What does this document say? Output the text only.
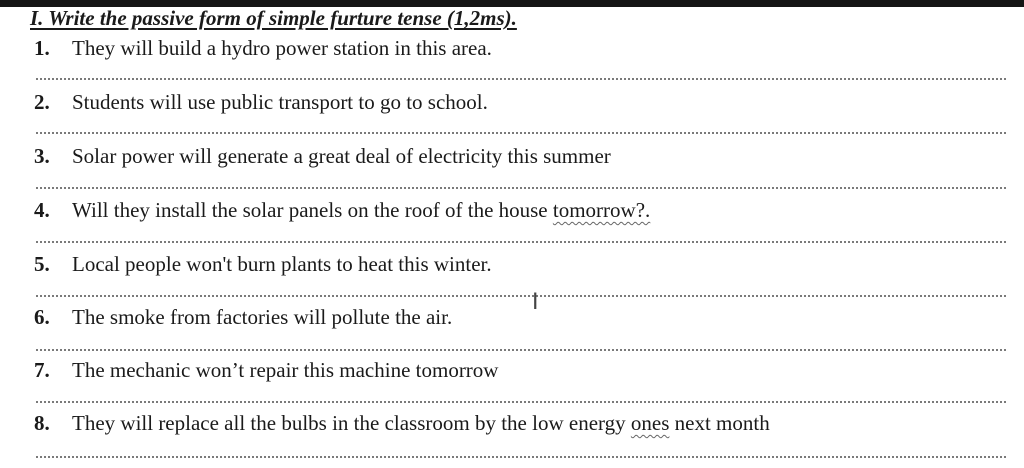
I. Write the passive form of simple furture tense (1,2ms).
1. They will build a hydro power station in this area.
2. Students will use public transport to go to school.
3. Solar power will generate a great deal of electricity this summer
4. Will they install the solar panels on the roof of the house tomorrow?.
5. Local people won't burn plants to heat this winter.
6. The smoke from factories will pollute the air.
7. The mechanic won’t repair this machine tomorrow
8. They will replace all the bulbs in the classroom by the low energy ones next month
I
